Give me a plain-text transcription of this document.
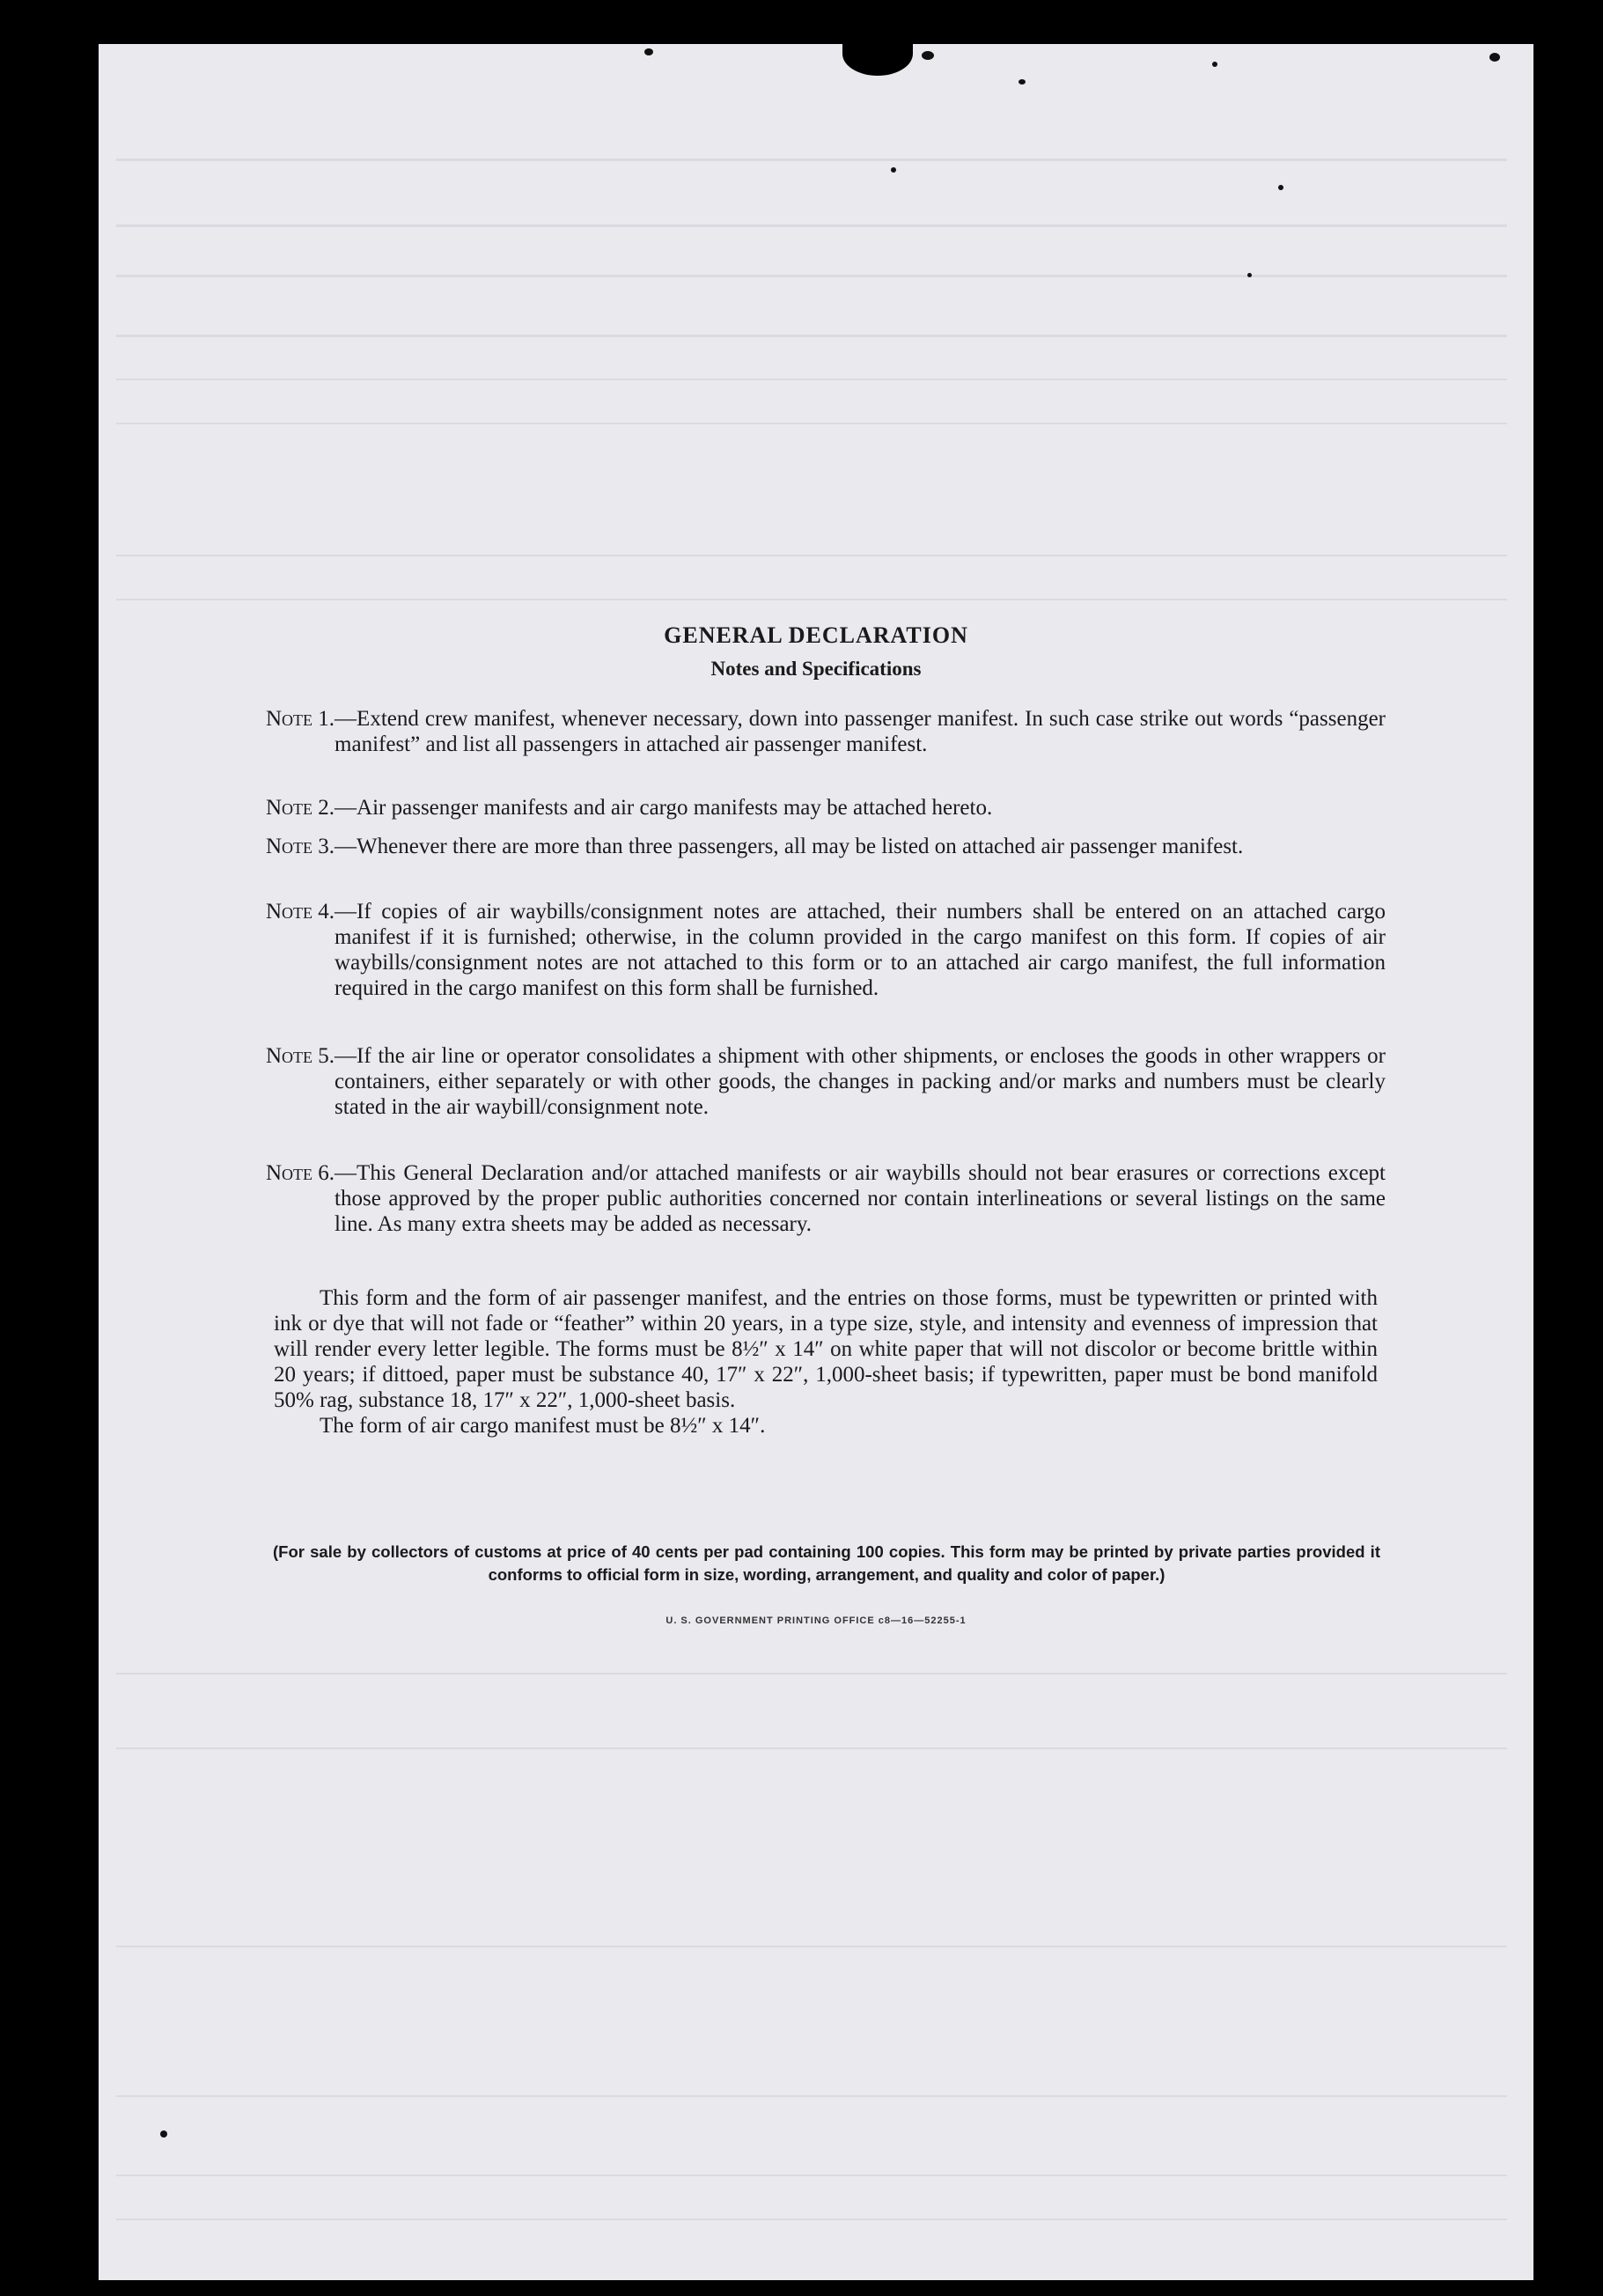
GENERAL DECLARATION
Notes and Specifications
Note 1. —Extend crew manifest, whenever necessary, down into passenger manifest. In such case strike out words “passenger manifest” and list all passengers in attached air passenger manifest.
Note 2. —Air passenger manifests and air cargo manifests may be attached hereto.
Note 3. —Whenever there are more than three passengers, all may be listed on attached air passenger manifest.
Note 4. —If copies of air waybills/consignment notes are attached, their numbers shall be entered on an attached cargo manifest if it is furnished; otherwise, in the column provided in the cargo manifest on this form. If copies of air waybills/consignment notes are not attached to this form or to an attached air cargo manifest, the full information required in the cargo manifest on this form shall be furnished.
Note 5. —If the air line or operator consolidates a shipment with other shipments, or encloses the goods in other wrappers or containers, either separately or with other goods, the changes in packing and/or marks and numbers must be clearly stated in the air waybill/consignment note.
Note 6. —This General Declaration and/or attached manifests or air waybills should not bear erasures or corrections except those approved by the proper public authorities concerned nor contain interlineations or several listings on the same line. As many extra sheets may be added as necessary.

This form and the form of air passenger manifest, and the entries on those forms, must be typewritten or printed with ink or dye that will not fade or “feather” within 20 years, in a type size, style, and intensity and evenness of impression that will render every letter legible. The forms must be 8½″ x 14″ on white paper that will not discolor or become brittle within 20 years; if dittoed, paper must be substance 40, 17″ x 22″, 1,000-sheet basis; if typewritten, paper must be bond manifold 50% rag, substance 18, 17″ x 22″, 1,000-sheet basis.

The form of air cargo manifest must be 8½″ x 14″.

(For sale by collectors of customs at price of 40 cents per pad containing 100 copies. This form may be printed by private parties provided it conforms to official form in size, wording, arrangement, and quality and color of paper.)
U. S. GOVERNMENT PRINTING OFFICE c8—16—52255-1
